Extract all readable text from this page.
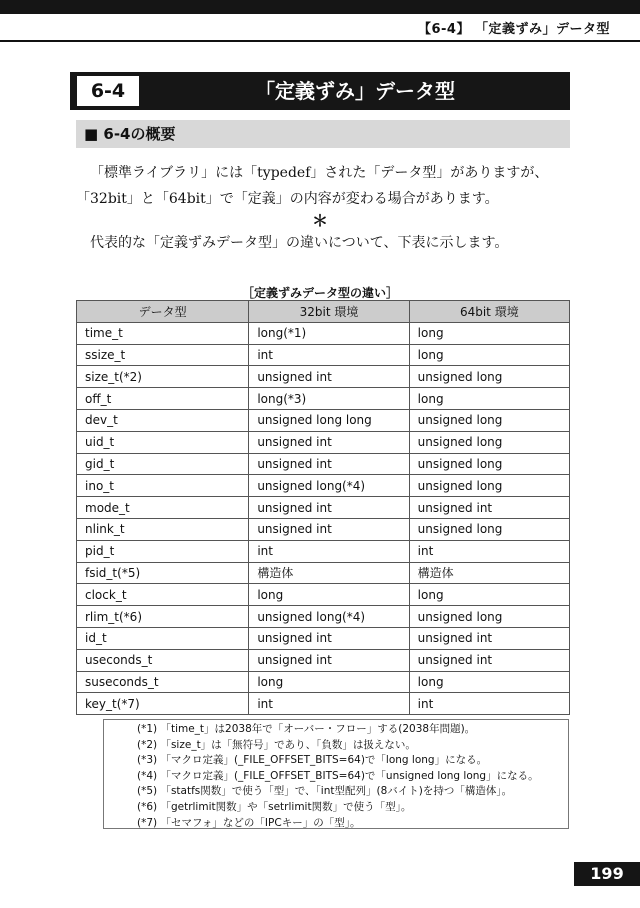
【6-4】 「定義ずみ」データ型
6-4	「定義ずみ」データ型
■ 6-4の概要
「標準ライブラリ」には「typedef」された「データ型」がありますが、「32bit」と「64bit」で「定義」の内容が変わる場合があります。
＊
代表的な「定義ずみデータ型」の違いについて、下表に示します。
［定義ずみデータ型の違い］
データ型	32bit 環境	64bit 環境
time_t	long(*1)	long
ssize_t	int	long
size_t(*2)	unsigned int	unsigned long
off_t	long(*3)	long
dev_t	unsigned long long	unsigned long
uid_t	unsigned int	unsigned long
gid_t	unsigned int	unsigned long
ino_t	unsigned long(*4)	unsigned long
mode_t	unsigned int	unsigned int
nlink_t	unsigned int	unsigned long
pid_t	int	int
fsid_t(*5)	構造体	構造体
clock_t	long	long
rlim_t(*6)	unsigned long(*4)	unsigned long
id_t	unsigned int	unsigned int
useconds_t	unsigned int	unsigned int
suseconds_t	long	long
key_t(*7)	int	int
(*1) 「time_t」は2038年で「オーバー・フロー」する(2038年問題)。
(*2) 「size_t」は「無符号」であり、「負数」は扱えない。
(*3) 「マクロ定義」(_FILE_OFFSET_BITS=64)で「long long」になる。
(*4) 「マクロ定義」(_FILE_OFFSET_BITS=64)で「unsigned long long」になる。
(*5) 「statfs関数」で使う「型」で、「int型配列」(8バイト)を持つ「構造体」。
(*6) 「getrlimit関数」や「setrlimit関数」で使う「型」。
(*7) 「セマフォ」などの「IPCキー」の「型」。
199
